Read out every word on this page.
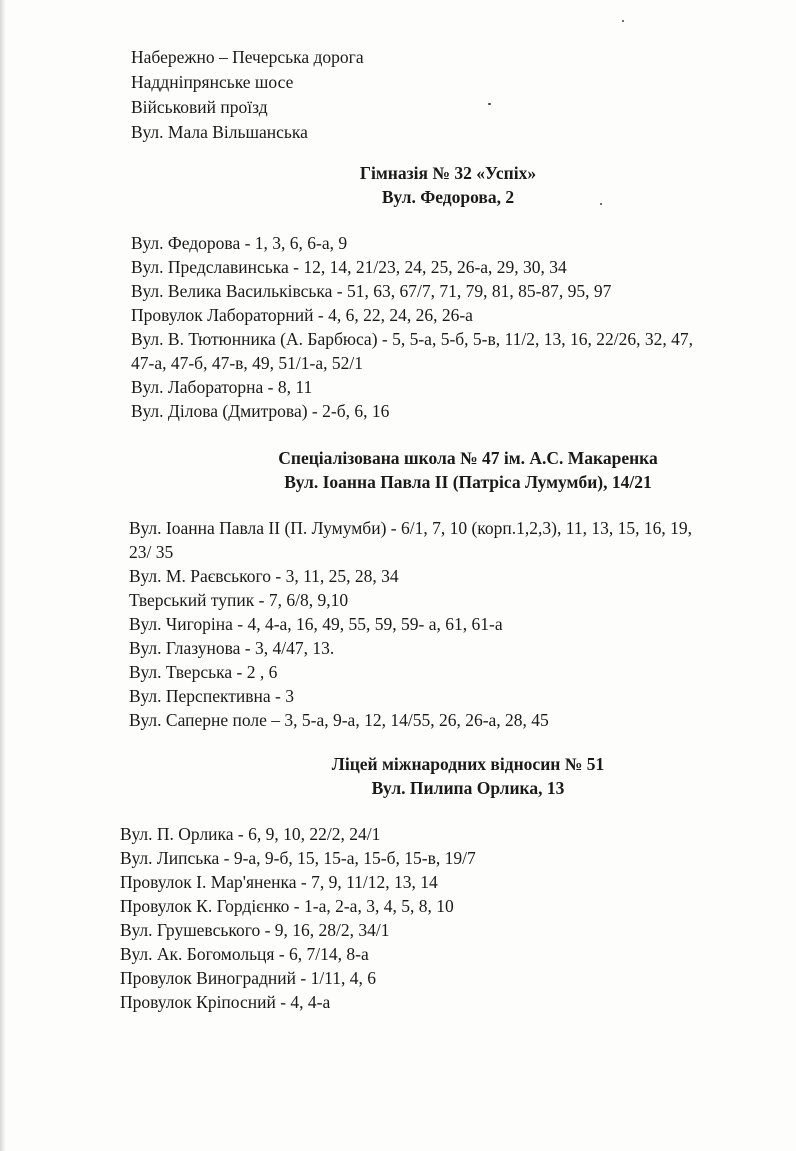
Набережно – Печерська дорога
Наддніпрянське шосе
Військовий проїзд
Вул. Мала Вільшанська
Гімназія № 32 «Успіх»
Вул. Федорова, 2
Вул. Федорова - 1, 3, 6, 6-а, 9
Вул. Предславинська - 12, 14, 21/23, 24, 25, 26-а, 29, 30, 34
Вул. Велика Васильківська - 51, 63, 67/7, 71, 79, 81, 85-87, 95, 97
Провулок Лабораторний - 4, 6, 22, 24, 26, 26-а
Вул. В. Тютюнника (А. Барбюса) - 5, 5-а, 5-б, 5-в, 11/2, 13, 16, 22/26, 32, 47,
47-а, 47-б, 47-в, 49, 51/1-а, 52/1
Вул. Лабораторна - 8, 11
Вул. Ділова (Дмитрова) - 2-б, 6, 16
Спеціалізована школа № 47 ім. А.С. Макаренка
Вул. Іоанна Павла ІІ (Патріса Лумумби), 14/21
Вул. Іоанна Павла ІІ (П. Лумумби) - 6/1, 7, 10 (корп.1,2,3), 11, 13, 15, 16, 19,
23/ 35
Вул. М. Раєвського - 3, 11, 25, 28, 34
Тверський тупик - 7, 6/8, 9,10
Вул. Чигоріна - 4, 4-а, 16, 49, 55, 59, 59- а, 61, 61-а
Вул. Глазунова - 3, 4/47, 13.
Вул. Тверська - 2 , 6
Вул. Перспективна - 3
Вул. Саперне поле – 3, 5-а, 9-а, 12, 14/55, 26, 26-а, 28, 45
Ліцей міжнародних відносин № 51
Вул. Пилипа Орлика, 13
Вул. П. Орлика - 6, 9, 10, 22/2, 24/1
Вул. Липська - 9-а, 9-б, 15, 15-а, 15-б, 15-в, 19/7
Провулок І. Мар'яненка - 7, 9, 11/12, 13, 14
Провулок К. Гордієнко - 1-а, 2-а, 3, 4, 5, 8, 10
Вул. Грушевського - 9, 16, 28/2, 34/1
Вул. Ак. Богомольця - 6, 7/14, 8-а
Провулок Виноградний - 1/11, 4, 6
Провулок Кріпосний - 4, 4-а
